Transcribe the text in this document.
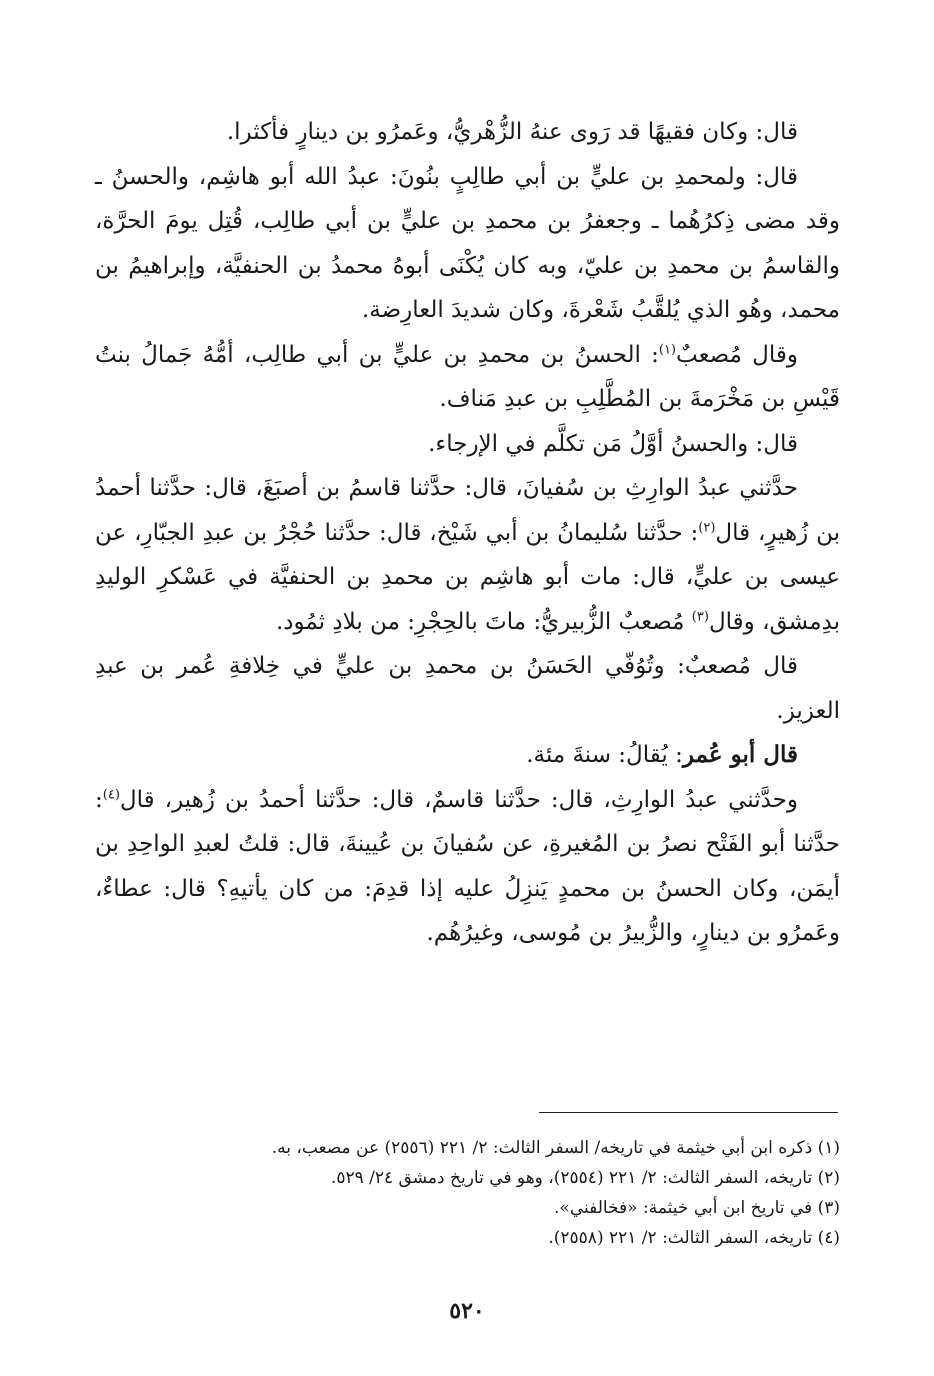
قال: وكان فقيهًا قد رَوى عنهُ الزُّهْريُّ، وعَمرُو بن دينارٍ فأكثرا.

قال: ولمحمدِ بن عليٍّ بن أبي طالِبٍ بنُونَ: عبدُ الله أبو هاشِم، والحسنُ ـ وقد مضى ذِكرُهُما ـ وجعفرُ بن محمدِ بن عليٍّ بن أبي طالِب، قُتِل يومَ الحرَّة، والقاسمُ بن محمدِ بن عليّ، وبه كان يُكْنَى أبوهُ محمدُ بن الحنفيَّة، وإبراهيمُ بن محمد، وهُو الذي يُلقَّبُ شَعْرةَ، وكان شديدَ العارِضة.

وقال مُصعبٌ$^{(١)}$: الحسنُ بن محمدِ بن عليٍّ بن أبي طالِب، أمُّهُ جَمالُ بنتُ قَيْسِ بن مَخْرَمةَ بن المُطَّلِبِ بن عبدِ مَناف.

قال: والحسنُ أوَّلُ مَن تكلَّم في الإرجاء.

حدَّثني عبدُ الوارِثِ بن سُفيانَ، قال: حدَّثنا قاسمُ بن أصبَغَ، قال: حدَّثنا أحمدُ بن زُهيرٍ، قال$^{(٢)}$: حدَّثنا سُليمانُ بن أبي شَيْخ، قال: حدَّثنا حُجْرُ بن عبدِ الجبّارِ، عن عيسى بن عليٍّ، قال: مات أبو هاشِم بن محمدِ بن الحنفيَّة في عَسْكرِ الوليدِ بدِمشق، وقال$^{(٣)}$ مُصعبٌ الزُّبيريُّ: ماتَ بالحِجْرِ: من بلادِ ثمُود.

قال مُصعبٌ: وتُوُفّي الحَسَنُ بن محمدِ بن عليٍّ في خِلافةِ عُمر بن عبدِ العزيز.

قال أبو عُمر: يُقالُ: سنةَ مئة.

وحدَّثني عبدُ الوارِثِ، قال: حدَّثنا قاسمٌ، قال: حدَّثنا أحمدُ بن زُهير، قال$^{(٤)}$: حدَّثنا أبو الفَتْح نصرُ بن المُغيرةِ، عن سُفيانَ بن عُيينةَ، قال: قلتُ لعبدِ الواحِدِ بن أيمَن، وكان الحسنُ بن محمدٍ يَنزِلُ عليه إذا قدِمَ: من كان يأتيهِ؟ قال: عطاءٌ، وعَمرُو بن دينارٍ، والزُّبيرُ بن مُوسى، وغيرُهُم.

(١) ذكره ابن أبي خيثمة في تاريخه/ السفر الثالث: ٢/ ٢٢١ (٢٥٥٦) عن مصعب، به.

(٢) تاريخه، السفر الثالث: ٢/ ٢٢١ (٢٥٥٤)، وهو في تاريخ دمشق ٢٤/ ٥٢٩.

(٣) في تاريخ ابن أبي خيثمة: «فخالفني».

(٤) تاريخه، السفر الثالث: ٢/ ٢٢١ (٢٥٥٨).

٥٢٠
